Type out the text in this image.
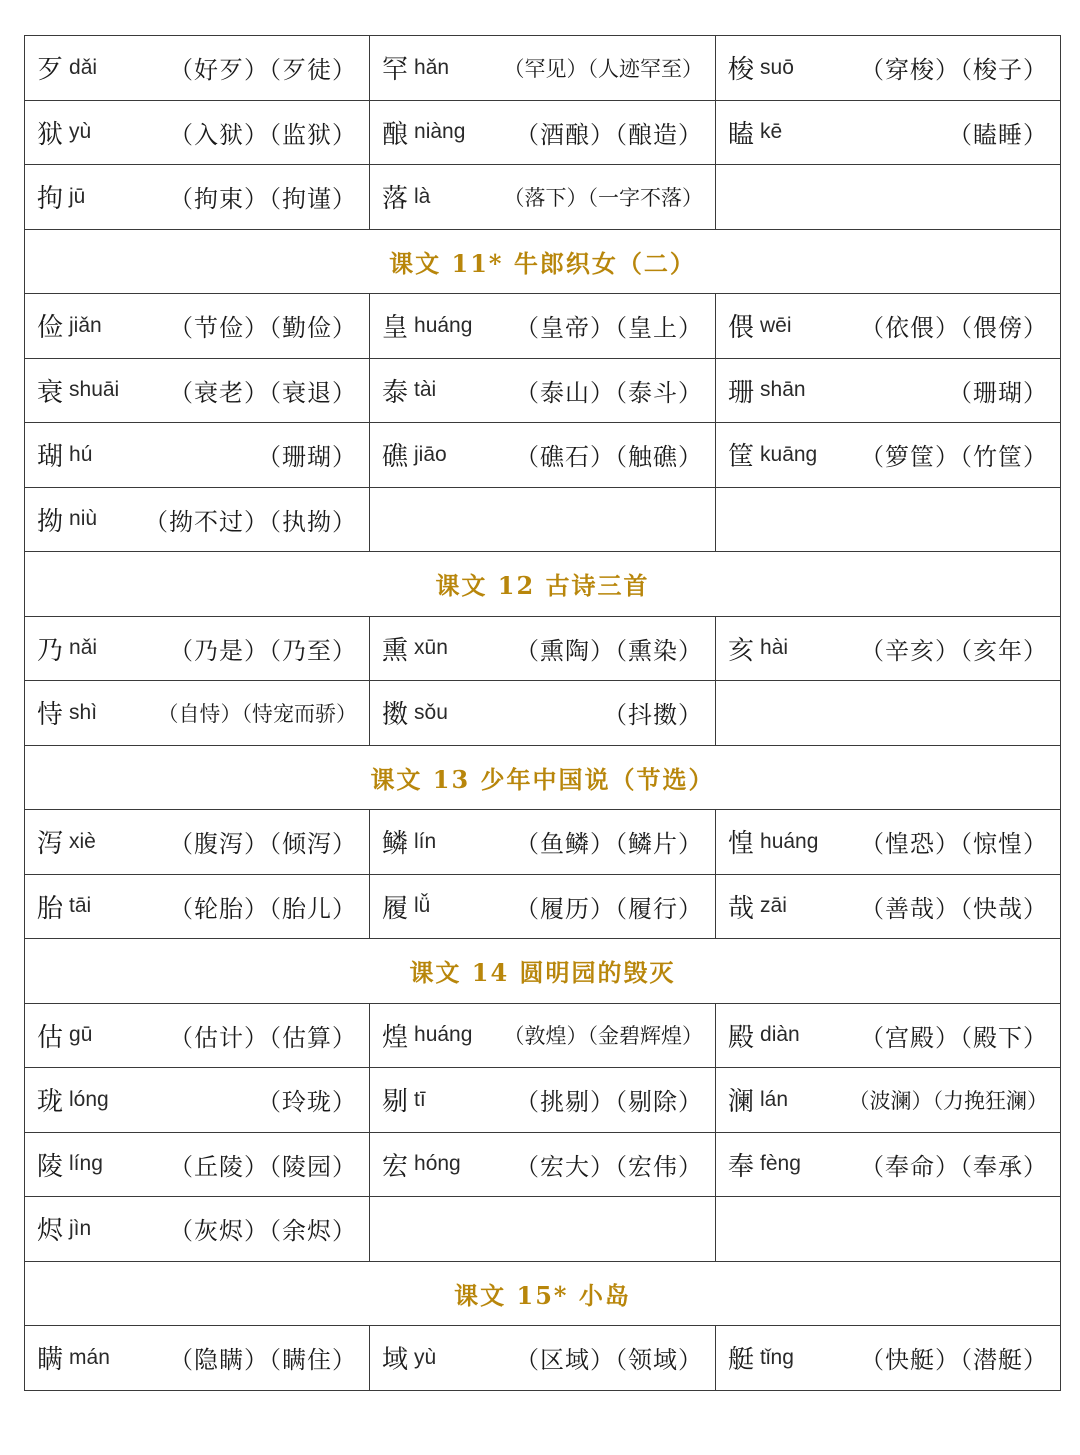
歹 dǎi （好歹）（歹徒）	罕 hǎn （罕见）（人迹罕至）	梭 suō （穿梭）（梭子）

狱 yù （入狱）（监狱）	酿 niàng （酒酿）（酿造）	瞌 kē （瞌睡）

拘 jū （拘束）（拘谨）	落 là （落下）（一字不落）	

课文 11* 牛郎织女（二）		

俭 jiǎn （节俭）（勤俭）	皇 huáng （皇帝）（皇上）	偎 wēi （依偎）（偎傍）

衰 shuāi （衰老）（衰退）	泰 tài （泰山）（泰斗）	珊 shān （珊瑚）

瑚 hú （珊瑚）	礁 jiāo （礁石）（触礁）	筐 kuāng （箩筐）（竹筐）

拗 niù （拗不过）（执拗）		

课文 12 古诗三首		

乃 nǎi （乃是）（乃至）	熏 xūn （熏陶）（熏染）	亥 hài （辛亥）（亥年）

恃 shì （自恃）（恃宠而骄）	擞 sǒu （抖擞）	

课文 13 少年中国说（节选）		

泻 xiè （腹泻）（倾泻）	鳞 lín （鱼鳞）（鳞片）	惶 huáng （惶恐）（惊惶）

胎 tāi （轮胎）（胎儿）	履 lǚ （履历）（履行）	哉 zāi （善哉）（快哉）

课文 14 圆明园的毁灭		

估 gū （估计）（估算）	煌 huáng （敦煌）（金碧辉煌）	殿 diàn （宫殿）（殿下）

珑 lóng （玲珑）	剔 tī （挑剔）（剔除）	澜 lán （波澜）（力挽狂澜）

陵 líng （丘陵）（陵园）	宏 hóng （宏大）（宏伟）	奉 fèng （奉命）（奉承）

烬 jìn （灰烬）（余烬）		

课文 15* 小岛		

瞒 mán （隐瞒）（瞒住）	域 yù （区域）（领域）	艇 tǐng （快艇）（潜艇）
